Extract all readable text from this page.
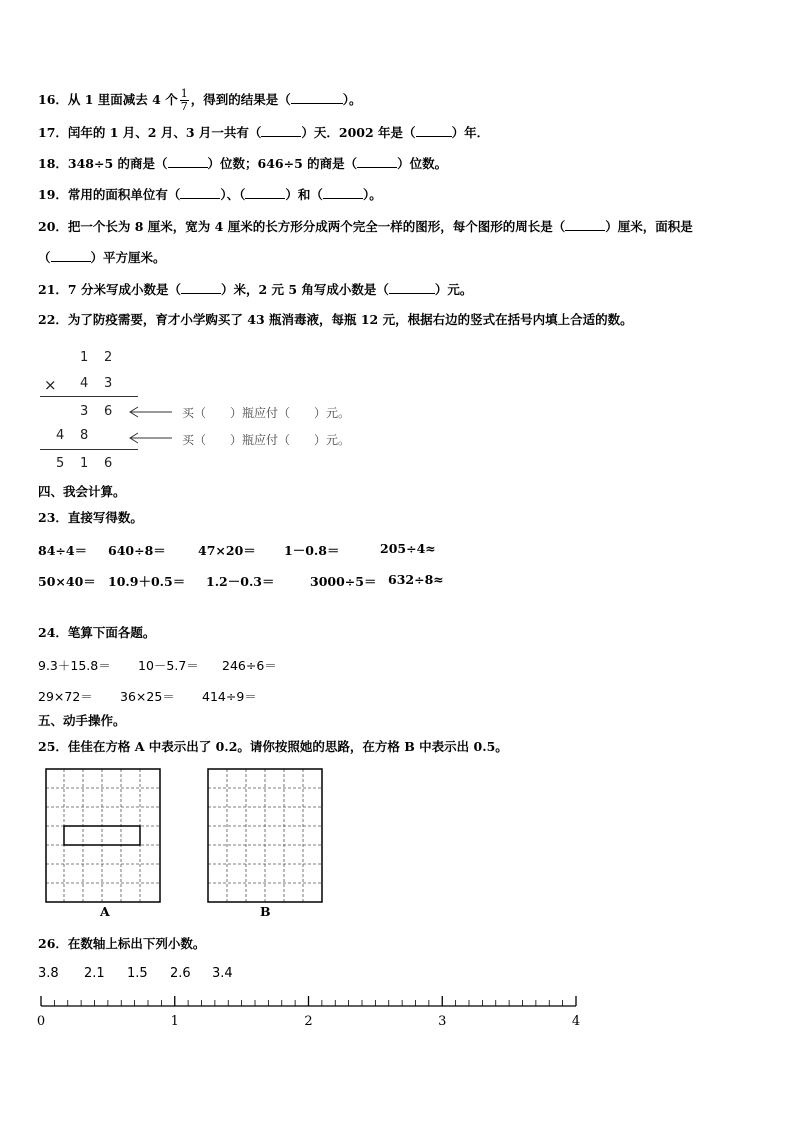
16．从 1 里面减去 4 个 $\frac{1}{7}$ ，得到的结果是（	）。
17．闰年的 1 月、2 月、3 月一共有（	）天．2002 年是（	）年．
18．348÷5 的商是（	）位数；646÷5 的商是（	）位数。
19．常用的面积单位有（	）、（	）和（	）。
20．把一个长为 8 厘米，宽为 4 厘米的长方形分成两个完全一样的图形，每个图形的周长是（	）厘米，面积是
（	）平方厘米。
21．7 分米写成小数是（	）米，2 元 5 角写成小数是（	）元。
22．为了防疫需要，育才小学购买了 43 瓶消毒液，每瓶 12 元，根据右边的竖式在括号内填上合适的数。
1 2
× 4 3
3 6
4 8
5 1 6
买（　　）瓶应付（　　）元。
买（　　）瓶应付（　　）元。
四、我会计算。
23．直接写得数。
84÷4＝ 640÷8＝	47×20＝ 1－0.8＝	205÷4≈
50×40＝ 10.9＋0.5＝ 1.2－0.3＝	3000÷5＝ 632÷8≈
24．笔算下面各题。
9.3＋15.8＝ 10－5.7＝ 246÷6＝
29×72＝ 36×25＝ 414÷9＝
五、动手操作。
25．佳佳在方格 A 中表示出了 0.2。请你按照她的思路，在方格 B 中表示出 0.5。
A	B
26．在数轴上标出下列小数。
3.8 2.1 1.5 2.6 3.4
0	1	2	3	4
